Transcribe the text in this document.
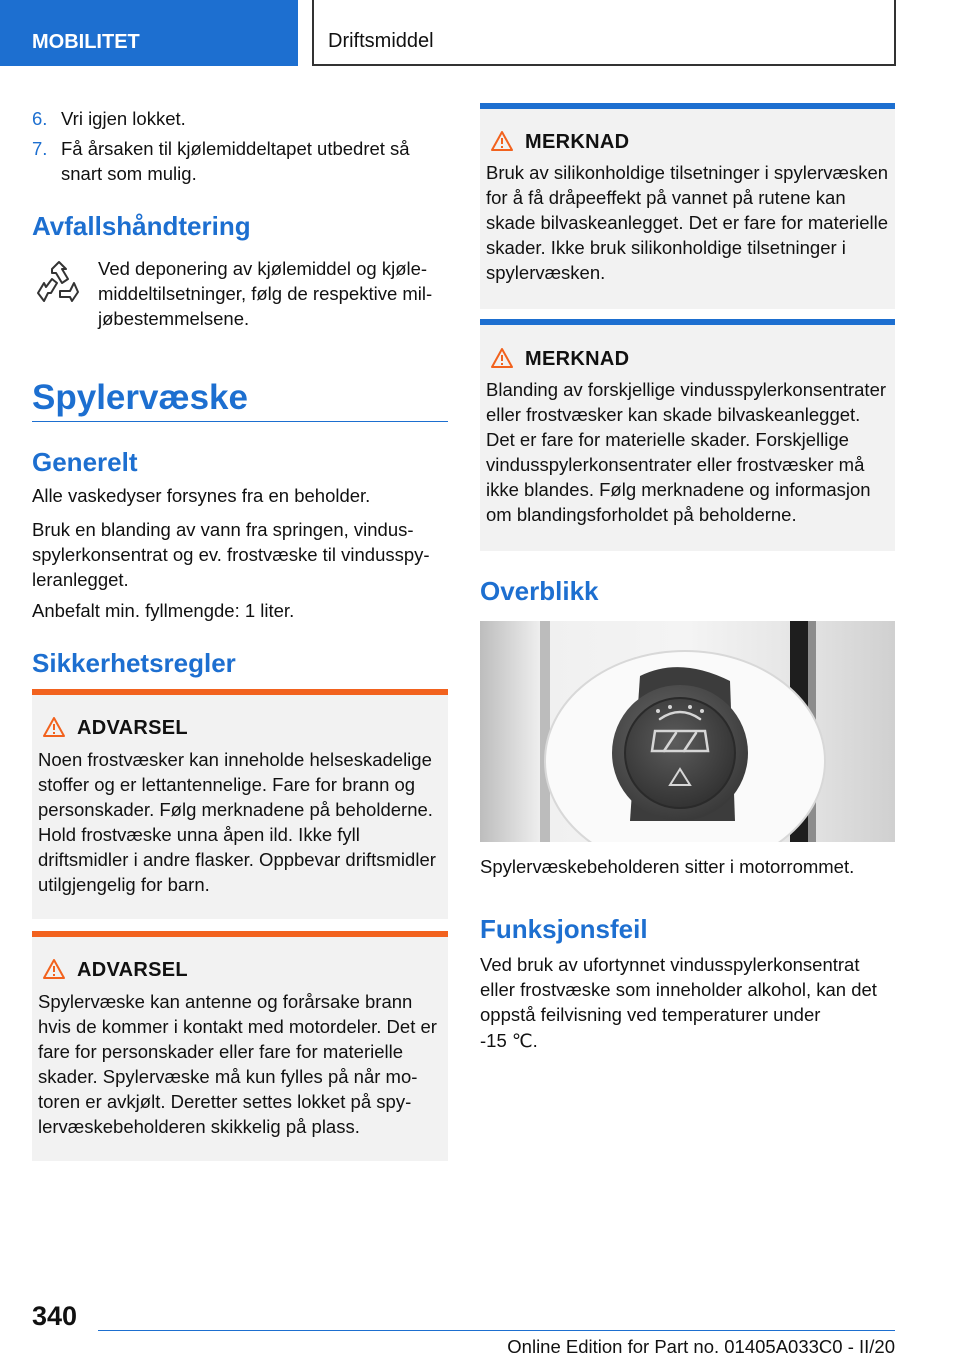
MOBILITET	Driftsmiddel
6. Vri igjen lokket.
7. Få årsaken til kjølemiddeltapet utbedret så snart som mulig.
Avfallshåndtering
Ved deponering av kjølemiddel og kjølemiddeltilsetninger, følg de respektive miljøbestemmelsene.
Spylervæske
Generelt
Alle vaskedyser forsynes fra en beholder.
Bruk en blanding av vann fra springen, vindusspylerkonsentrat og ev. frostvæske til vindusspyleranlegget.
Anbefalt min. fyllmengde: 1 liter.
Sikkerhetsregler
ADVARSEL
Noen frostvæsker kan inneholde helseskadelige stoffer og er lettantennelige. Fare for brann og personskader. Følg merknadene på beholderne. Hold frostvæske unna åpen ild. Ikke fyll driftsmidler i andre flasker. Oppbevar driftsmidler utilgjengelig for barn.
ADVARSEL
Spylervæske kan antenne og forårsake brann hvis de kommer i kontakt med motordeler. Det er fare for personskader eller fare for materielle skader. Spylervæske må kun fylles på når motoren er avkjølt. Deretter settes lokket på spylervæskebeholderen skikkelig på plass.
MERKNAD
Bruk av silikonholdige tilsetninger i spylervæsken for å få dråpeeffekt på vannet på rutene kan skade bilvaskeanlegget. Det er fare for materielle skader. Ikke bruk silikonholdige tilsetninger i spylervæsken.
MERKNAD
Blanding av forskjellige vindusspylerkonsentrater eller frostvæsker kan skade bilvaskeanlegget. Det er fare for materielle skader. Forskjellige vindusspylerkonsentrater eller frostvæsker må ikke blandes. Følg merknadene og informasjon om blandingsforholdet på beholderne.
Overblikk
Spylervæskebeholderen sitter i motorrommet.
Funksjonsfeil
Ved bruk av ufortynnet vindusspylerkonsentrat eller frostvæske som inneholder alkohol, kan det oppstå feilvisning ved temperaturer under
-15 ℃.
340
Online Edition for Part no. 01405A033C0 - II/20
